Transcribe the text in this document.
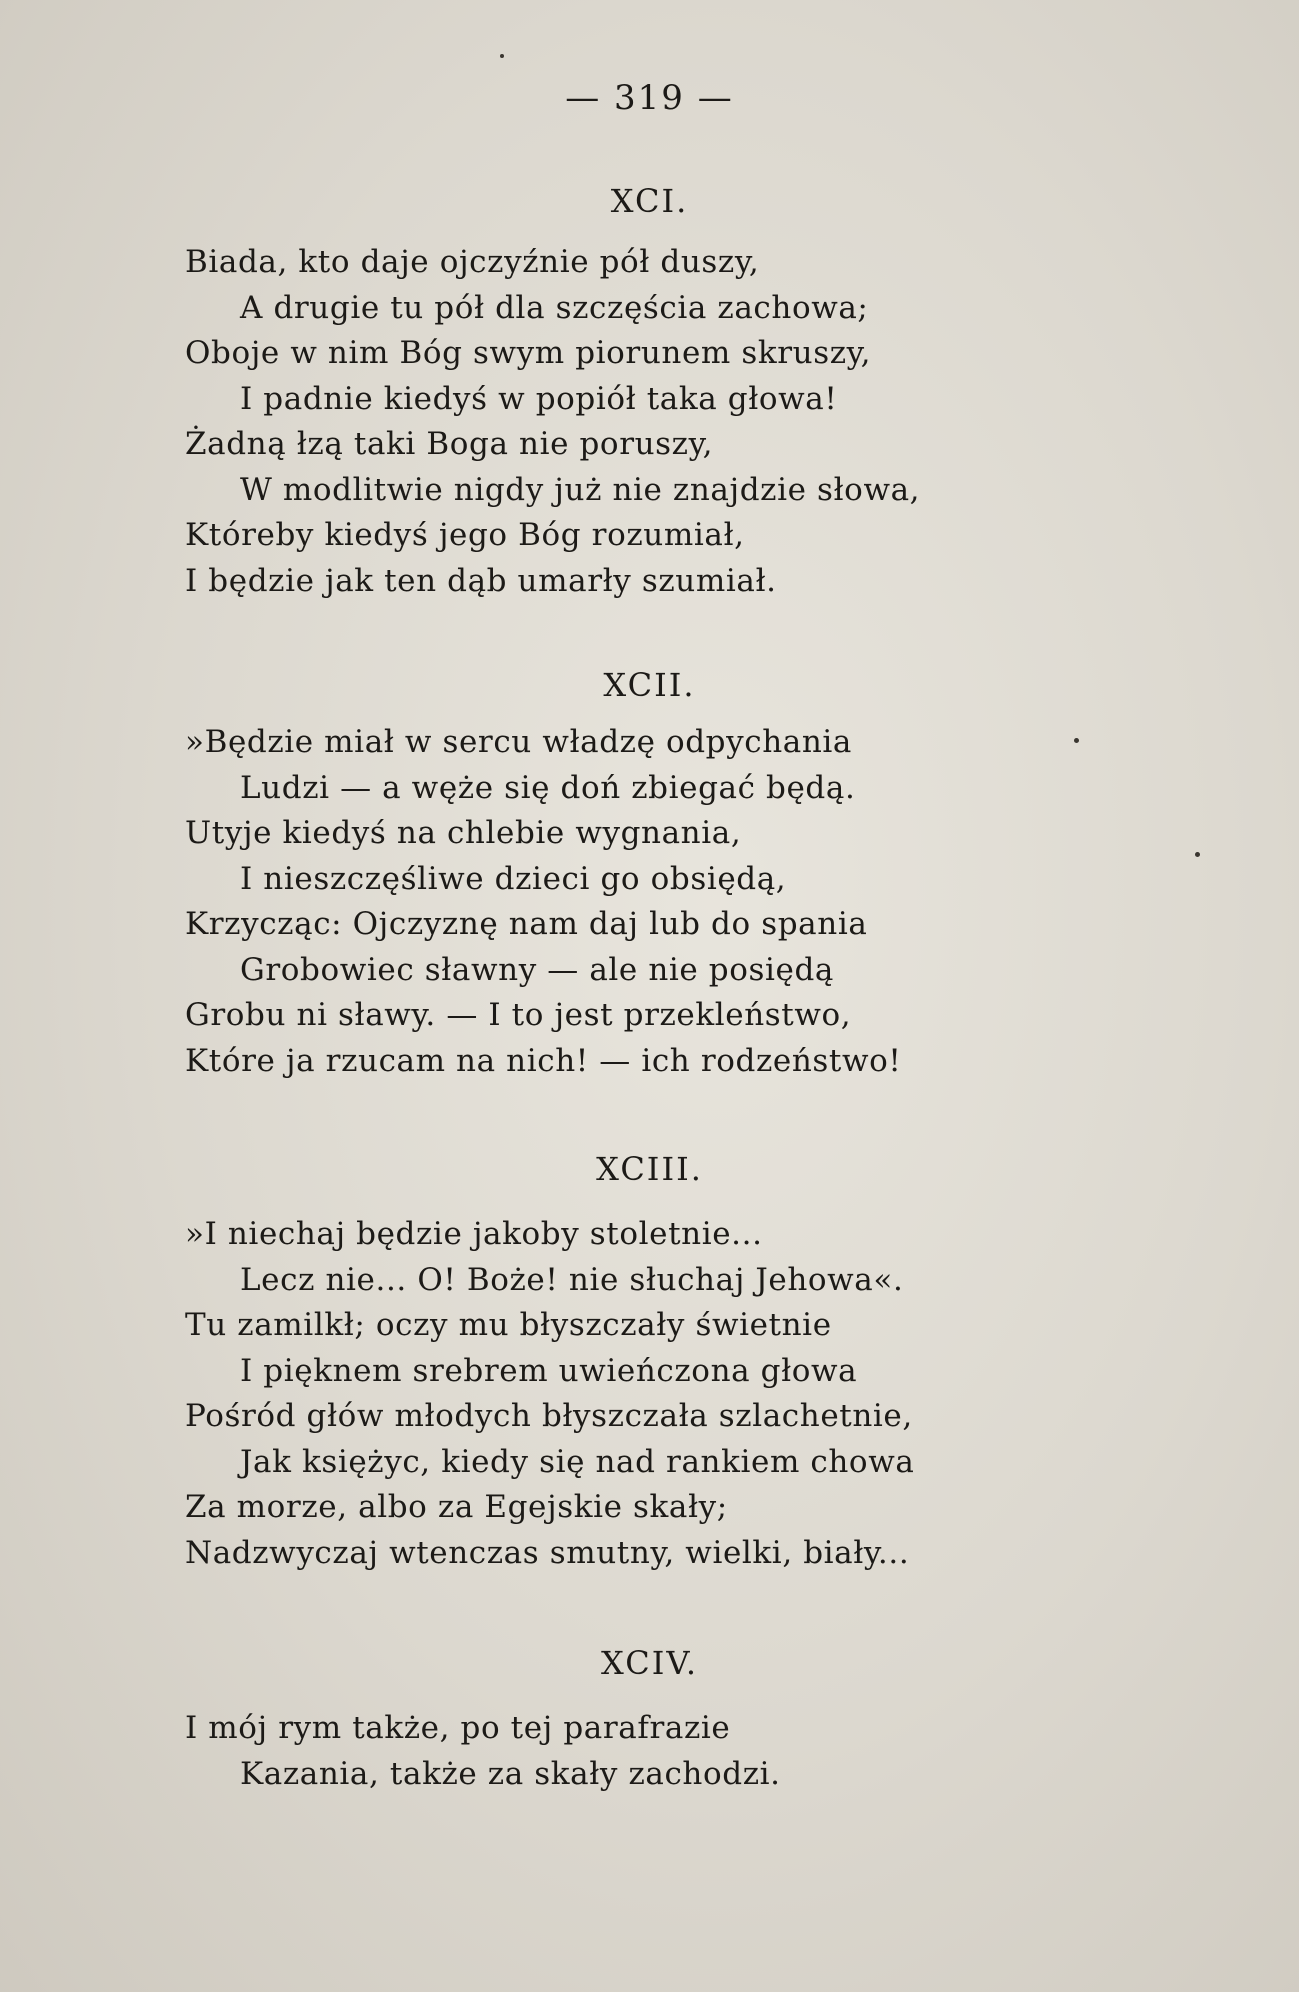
— 319 —
XCI.
Biada, kto daje ojczyźnie pół duszy,
A drugie tu pół dla szczęścia zachowa;
Oboje w nim Bóg swym piorunem skruszy,
I padnie kiedyś w popiół taka głowa!
Żadną łzą taki Boga nie poruszy,
W modlitwie nigdy już nie znajdzie słowa,
Któreby kiedyś jego Bóg rozumiał,
I będzie jak ten dąb umarły szumiał.
XCII.
»Będzie miał w sercu władzę odpychania
Ludzi — a węże się doń zbiegać będą.
Utyje kiedyś na chlebie wygnania,
I nieszczęśliwe dzieci go obsiędą,
Krzycząc: Ojczyznę nam daj lub do spania
Grobowiec sławny — ale nie posiędą
Grobu ni sławy. — I to jest przekleństwo,
Które ja rzucam na nich! — ich rodzeństwo!
XCIII.
»I niechaj będzie jakoby stoletnie...
Lecz nie... O! Boże! nie słuchaj Jehowa«.
Tu zamilkł; oczy mu błyszczały świetnie
I pięknem srebrem uwieńczona głowa
Pośród głów młodych błyszczała szlachetnie,
Jak księżyc, kiedy się nad rankiem chowa
Za morze, albo za Egejskie skały;
Nadzwyczaj wtenczas smutny, wielki, biały...
XCIV.
I mój rym także, po tej parafrazie
Kazania, także za skały zachodzi.
